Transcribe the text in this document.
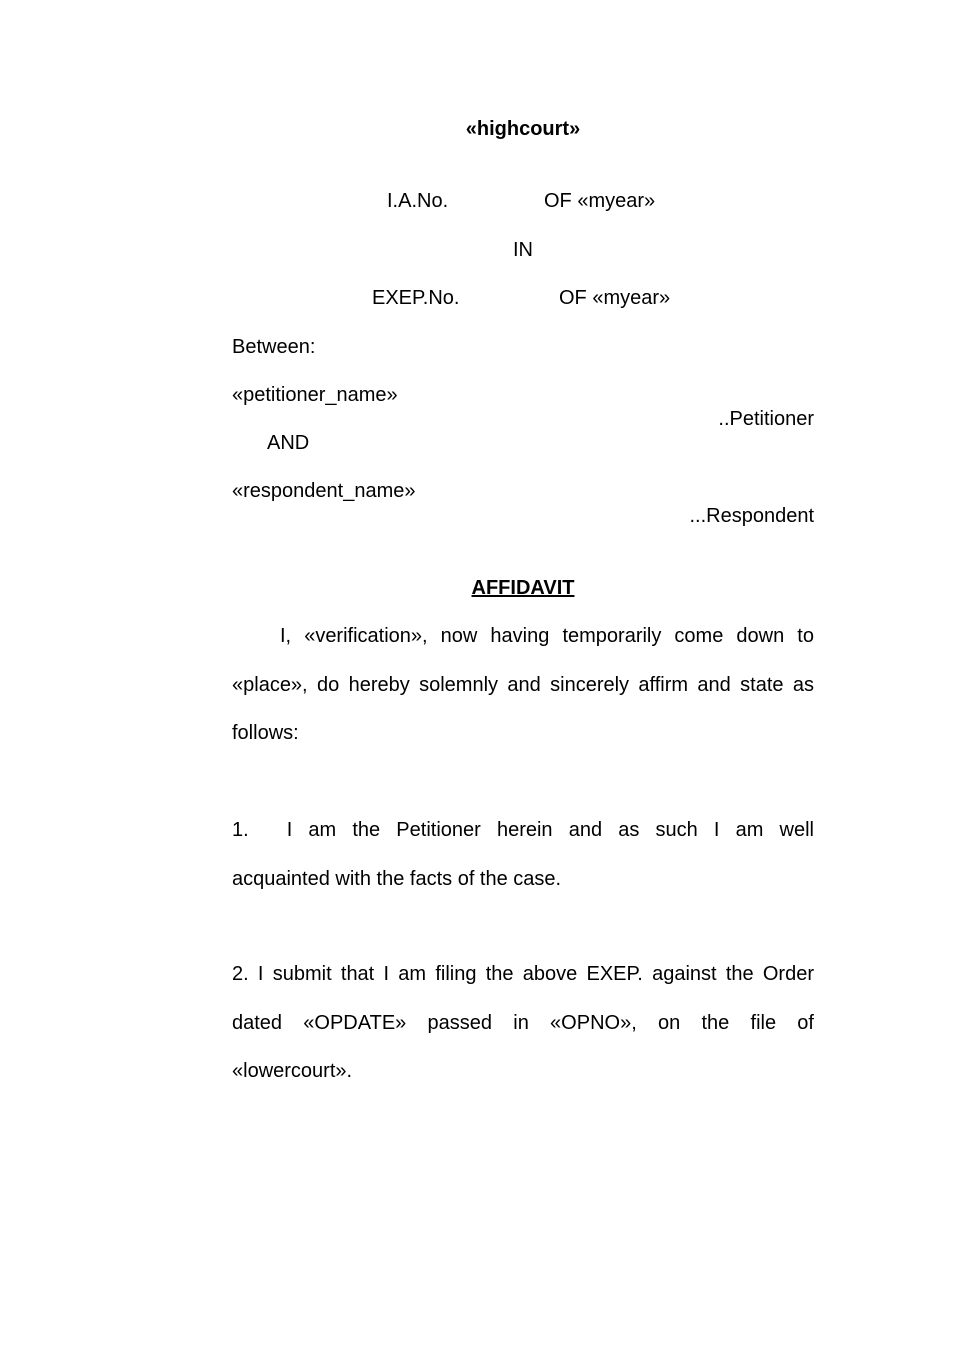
«highcourt»
I.A.No.	OF «myear»
IN
EXEP.No.	OF «myear»
Between:
«petitioner_name»
..Petitioner
AND
«respondent_name»
...Respondent
AFFIDAVIT
I, «verification», now having temporarily come down to
«place», do hereby solemnly and sincerely affirm and state as
follows:
1. I am the Petitioner herein and as such I am well
acquainted with the facts of the case.
2. I submit that I am filing the above EXEP. against the Order
dated «OPDATE» passed in «OPNO», on the file of
«lowercourt».
